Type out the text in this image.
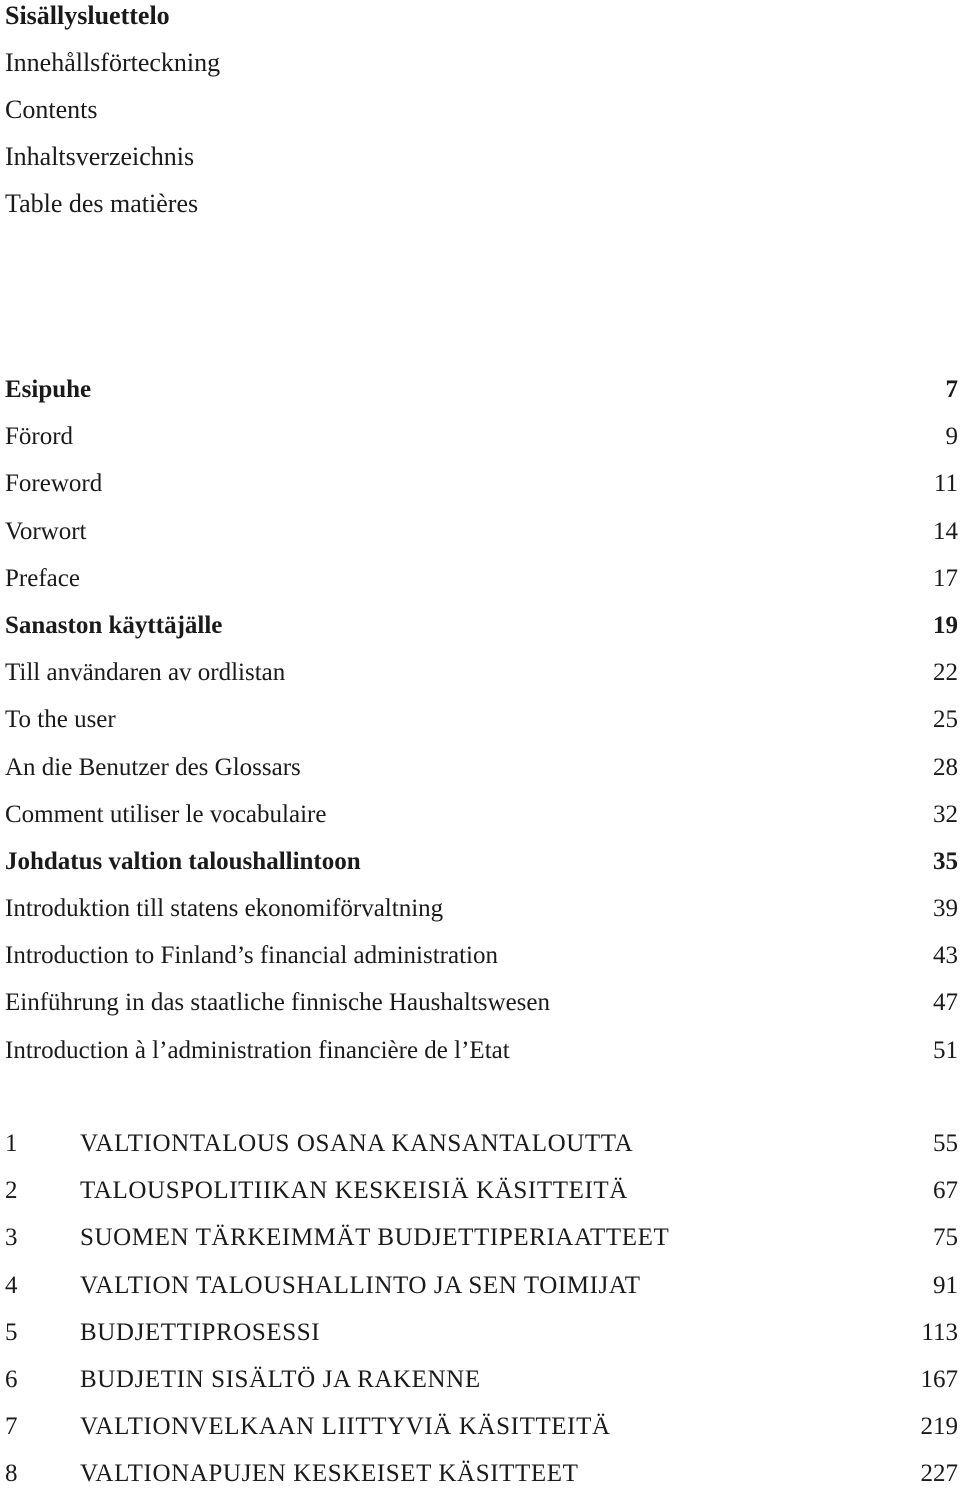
Sisällysluettelo
Innehållsförteckning
Contents
Inhaltsverzeichnis
Table des matières
Esipuhe	7
Förord	9
Foreword	11
Vorwort	14
Preface	17
Sanaston käyttäjälle	19
Till användaren av ordlistan	22
To the user	25
An die Benutzer des Glossars	28
Comment utiliser le vocabulaire	32
Johdatus valtion taloushallintoon	35
Introduktion till statens ekonomiförvaltning	39
Introduction to Finland’s financial administration	43
Einführung in das staatliche finnische Haushaltswesen	47
Introduction à l’administration financière de l’Etat	51
1 VALTIONTALOUS OSANA KANSANTALOUTTA	55
2 TALOUSPOLITIIKAN KESKEISIÄ KÄSITTEITÄ	67
3 SUOMEN TÄRKEIMMÄT BUDJETTIPERIAATTEET	75
4 VALTION TALOUSHALLINTO JA SEN TOIMIJAT	91
5 BUDJETTIPROSESSI	113
6 BUDJETIN SISÄLTÖ JA RAKENNE	167
7 VALTIONVELKAAN LIITTYVIÄ KÄSITTEITÄ	219
8 VALTIONAPUJEN KESKEISET KÄSITTEET	227
